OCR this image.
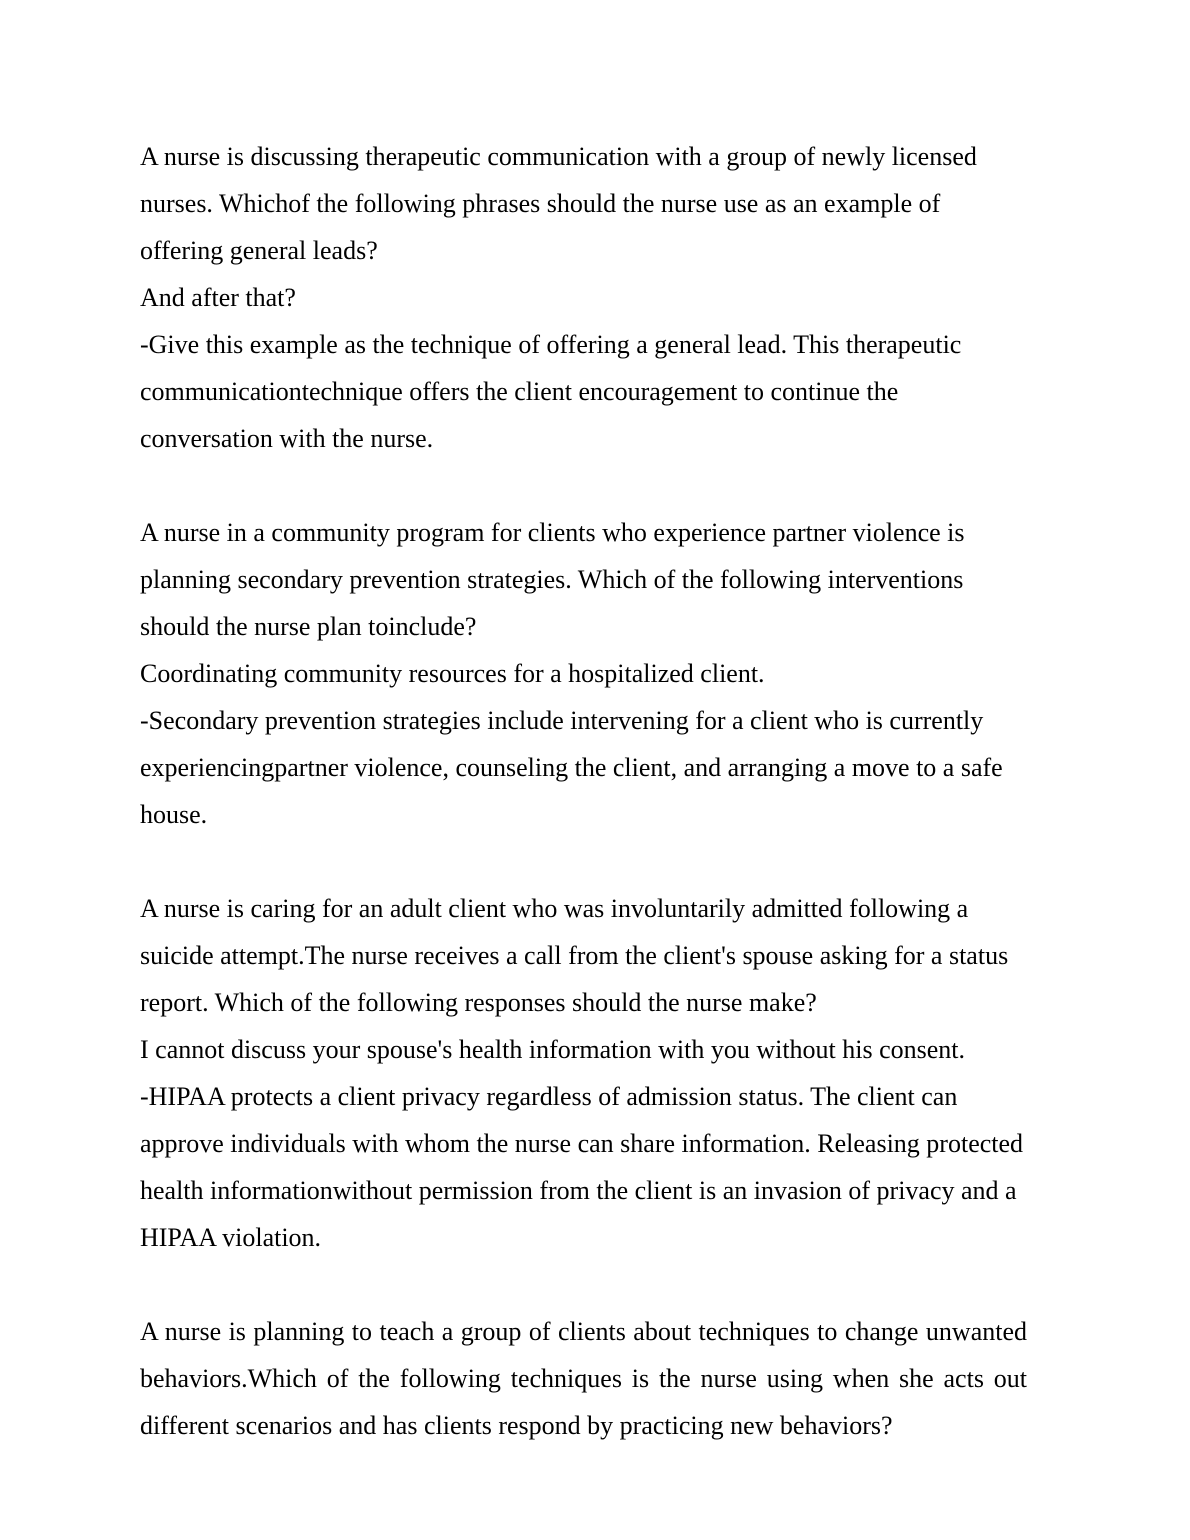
A nurse is discussing therapeutic communication with a group of newly licensed nurses. Whichof the following phrases should the nurse use as an example of offering general leads?

And after that?

-Give this example as the technique of offering a general lead. This therapeutic communicationtechnique offers the client encouragement to continue the conversation with the nurse.

A nurse in a community program for clients who experience partner violence is planning secondary prevention strategies. Which of the following interventions should the nurse plan toinclude?

Coordinating community resources for a hospitalized client.

-Secondary prevention strategies include intervening for a client who is currently experiencingpartner violence, counseling the client, and arranging a move to a safe house.

A nurse is caring for an adult client who was involuntarily admitted following a suicide attempt.The nurse receives a call from the client's spouse asking for a status report. Which of the following responses should the nurse make?

I cannot discuss your spouse's health information with you without his consent.

-HIPAA protects a client privacy regardless of admission status. The client can approve individuals with whom the nurse can share information. Releasing protected health informationwithout permission from the client is an invasion of privacy and a HIPAA violation.

A nurse is planning to teach a group of clients about techniques to change unwanted behaviors.Which of the following techniques is the nurse using when she acts out different scenarios and has clients respond by practicing new behaviors?
